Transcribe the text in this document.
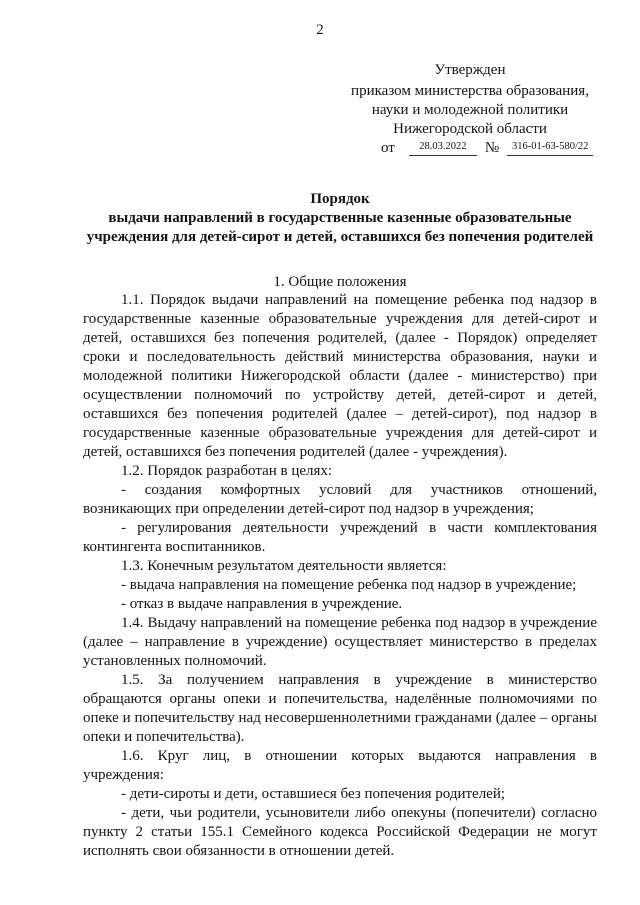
2
Утвержден
приказом министерства образования,
науки и молодежной политики
Нижегородской области
от 28.03.2022 № 316-01-63-580/22
Порядок
выдачи направлений в государственные казенные образовательные
учреждения для детей-сирот и детей, оставшихся без попечения родителей
1. Общие положения

1.1. Порядок выдачи направлений на помещение ребенка под надзор в государственные казенные образовательные учреждения для детей-сирот и детей, оставшихся без попечения родителей, (далее - Порядок) определяет сроки и последовательность действий министерства образования, науки и молодежной политики Нижегородской области (далее - министерство) при осуществлении полномочий по устройству детей, детей-сирот и детей, оставшихся без попечения родителей (далее – детей-сирот), под надзор в государственные казенные образовательные учреждения для детей-сирот и детей, оставшихся без попечения родителей (далее - учреждения).

1.2. Порядок разработан в целях:

- создания комфортных условий для участников отношений, возникающих при определении детей-сирот под надзор в учреждения;

- регулирования деятельности учреждений в части комплектования контингента воспитанников.

1.3. Конечным результатом деятельности является:

- выдача направления на помещение ребенка под надзор в учреждение;

- отказ в выдаче направления в учреждение.

1.4. Выдачу направлений на помещение ребенка под надзор в учреждение (далее – направление в учреждение) осуществляет министерство в пределах установленных полномочий.

1.5. За получением направления в учреждение в министерство обращаются органы опеки и попечительства, наделённые полномочиями по опеке и попечительству над несовершеннолетними гражданами (далее – органы опеки и попечительства).

1.6. Круг лиц, в отношении которых выдаются направления в учреждения:

- дети-сироты и дети, оставшиеся без попечения родителей;

- дети, чьи родители, усыновители либо опекуны (попечители) согласно пункту 2 статьи 155.1 Семейного кодекса Российской Федерации не могут исполнять свои обязанности в отношении детей.
